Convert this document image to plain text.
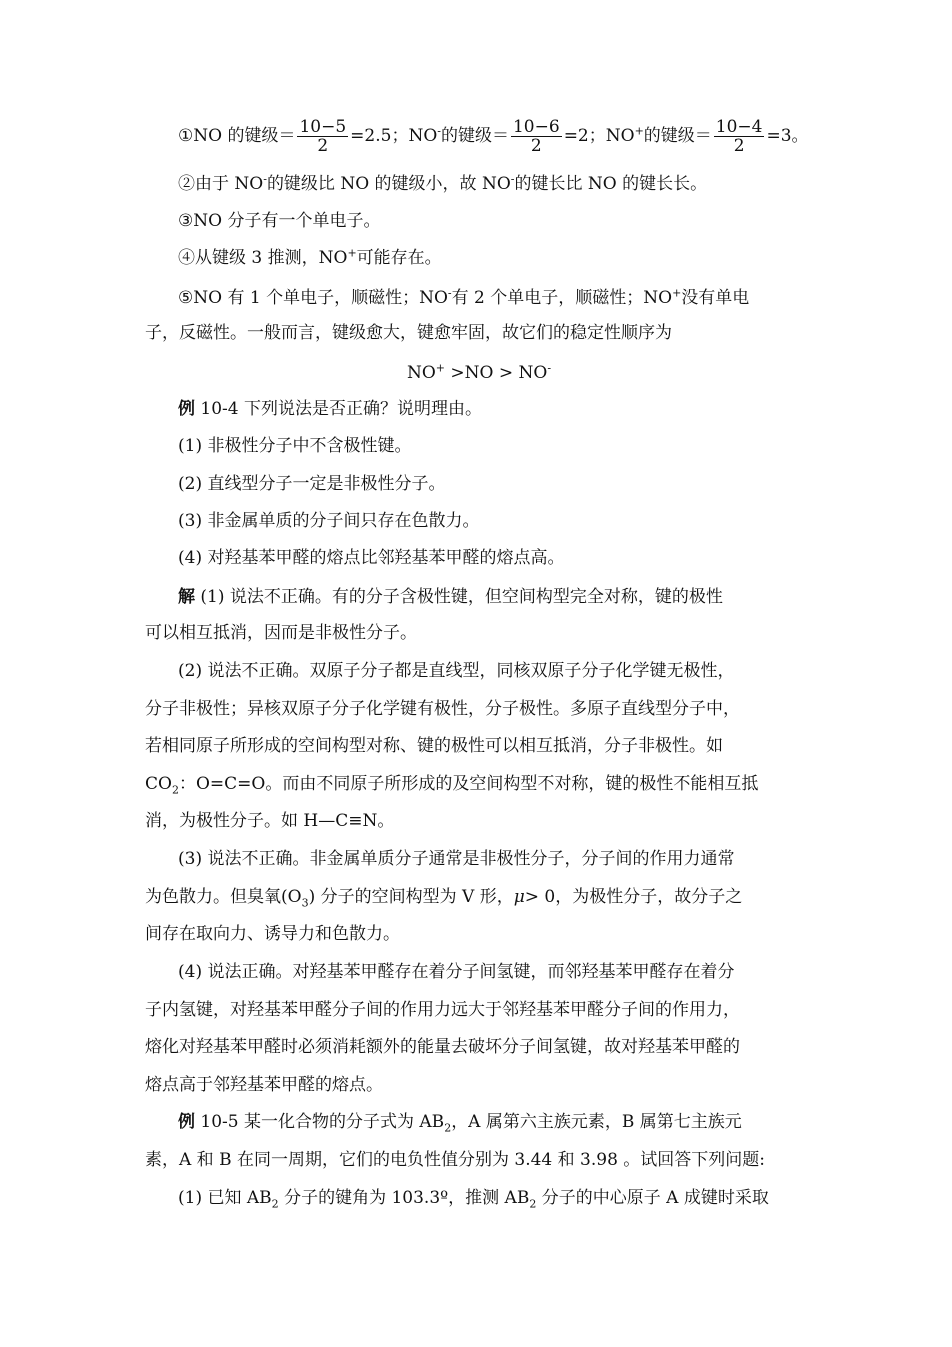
①NO 的键级＝ $\frac{10-5}{2} =2.5$；NO-的键级＝ $\frac{10-6}{2} =2$；NO+的键级＝ $\frac{10-4}{2} =3$。
②由于 NO-的键级比 NO 的键级小，故 NO-的键长比 NO 的键长长。
③NO 分子有一个单电子。
④从键级 3 推测，NO+可能存在。
⑤NO 有 1 个单电子，顺磁性；NO-有 2 个单电子，顺磁性；NO+没有单电
子，反磁性。一般而言，键级愈大，键愈牢固，故它们的稳定性顺序为
NO+ >NO > NO-
例 10-4 下列说法是否正确？说明理由。
(1) 非极性分子中不含极性键。
(2) 直线型分子一定是非极性分子。
(3) 非金属单质的分子间只存在色散力。
(4) 对羟基苯甲醛的熔点比邻羟基苯甲醛的熔点高。
解 (1) 说法不正确。有的分子含极性键，但空间构型完全对称，键的极性
可以相互抵消，因而是非极性分子。
(2) 说法不正确。双原子分子都是直线型，同核双原子分子化学键无极性，
分子非极性；异核双原子分子化学键有极性，分子极性。多原子直线型分子中，
若相同原子所形成的空间构型对称、键的极性可以相互抵消，分子非极性。如
$CO_2$：O=C=O。而由不同原子所形成的及空间构型不对称，键的极性不能相互抵
消，为极性分子。如 H—C≡N。
(3) 说法不正确。非金属单质分子通常是非极性分子，分子间的作用力通常
为色散力。但臭氧$(O_3)$ 分子的空间构型为 V 形，μ> 0，为极性分子，故分子之
间存在取向力、诱导力和色散力。
(4) 说法正确。对羟基苯甲醛存在着分子间氢键，而邻羟基苯甲醛存在着分
子内氢键，对羟基苯甲醛分子间的作用力远大于邻羟基苯甲醛分子间的作用力，
熔化对羟基苯甲醛时必须消耗额外的能量去破坏分子间氢键，故对羟基苯甲醛的
熔点高于邻羟基苯甲醛的熔点。
例 10-5 某一化合物的分子式为 $AB_2$，A 属第六主族元素，B 属第七主族元
素，A 和 B 在同一周期，它们的电负性值分别为 3.44 和 3.98 。试回答下列问题:
(1) 已知 $AB_2$ 分子的键角为 103.3º，推测 $AB_2$ 分子的中心原子 A 成键时采取
